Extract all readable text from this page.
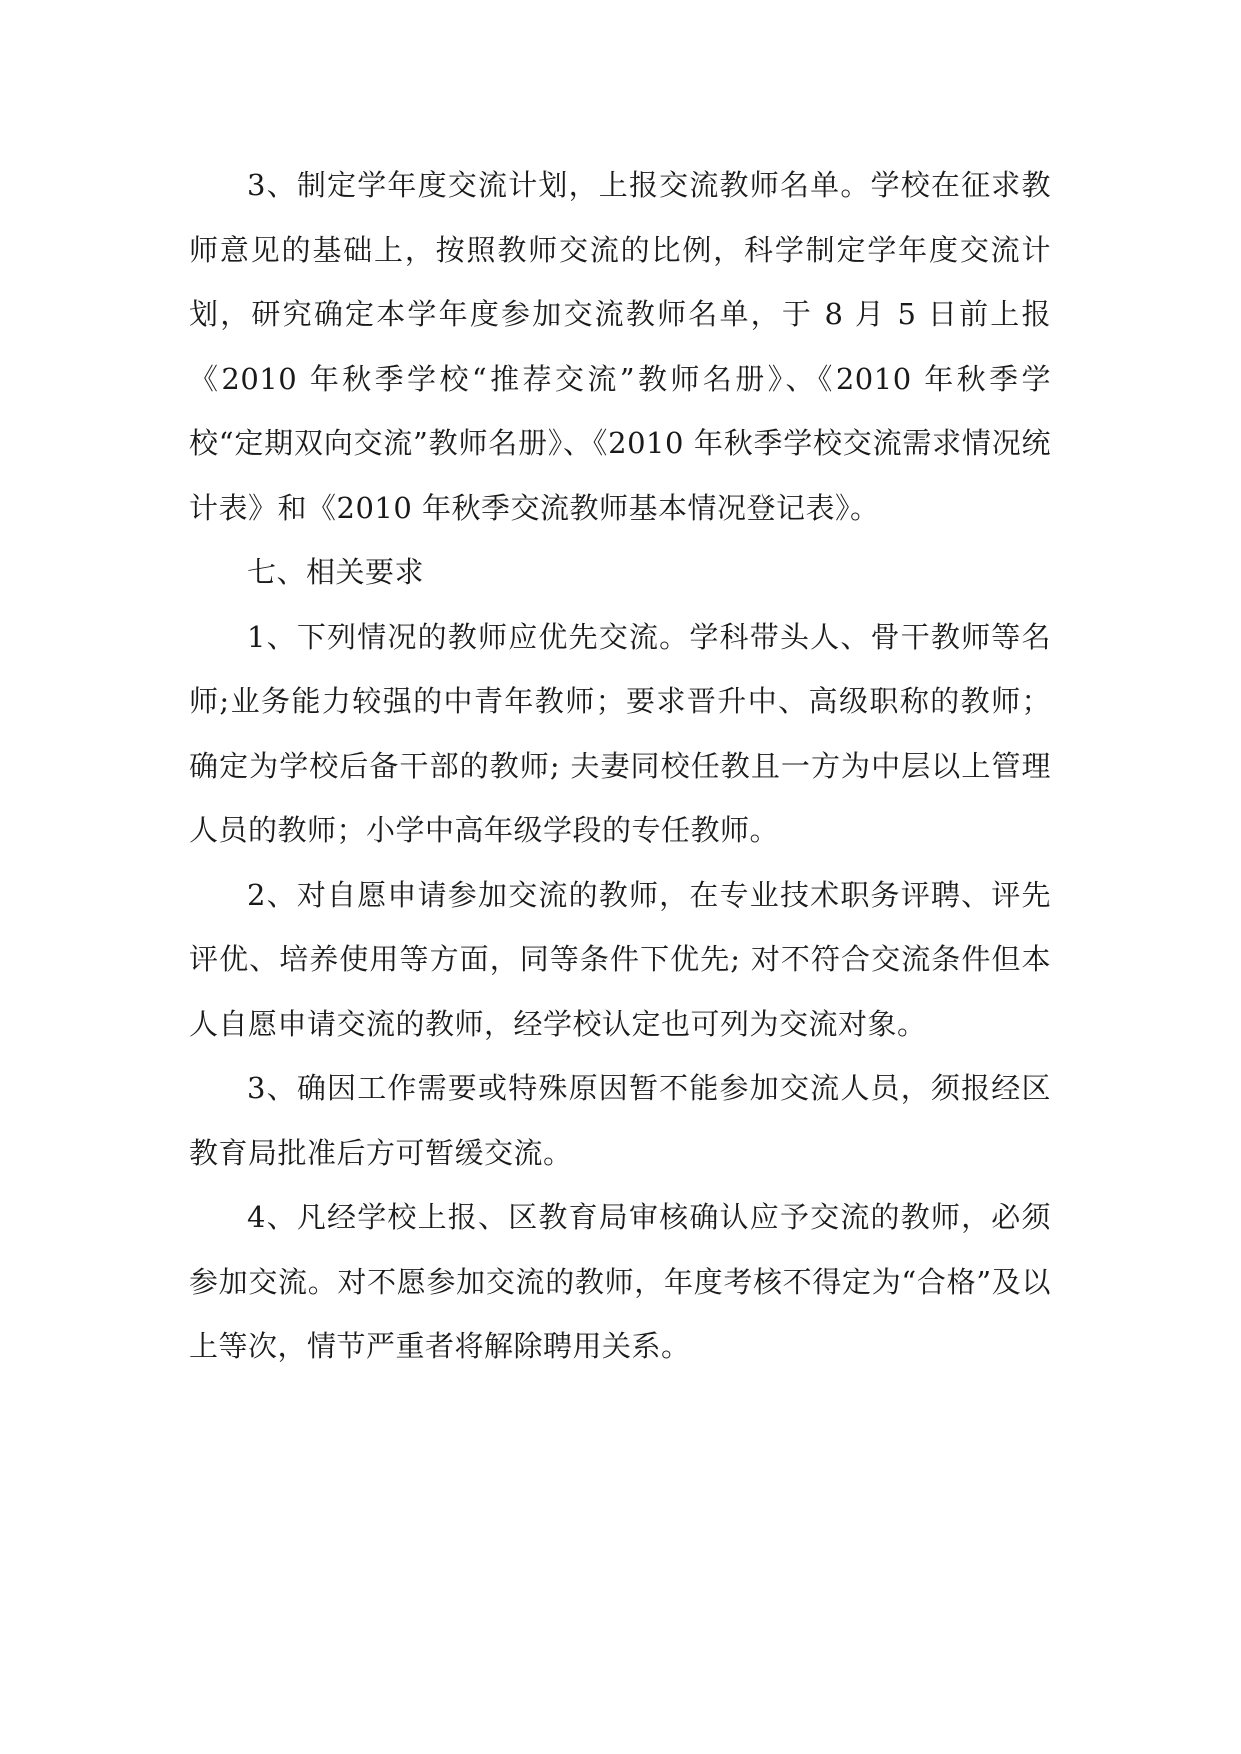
3、制定学年度交流计划，上报交流教师名单。学校在征求教师意见的基础上，按照教师交流的比例，科学制定学年度交流计划，研究确定本学年度参加交流教师名单，于 8 月 5 日前上报《2010 年秋季学校“推荐交流”教师名册》、《2010 年秋季学校“定期双向交流”教师名册》、《2010 年秋季学校交流需求情况统计表》和《2010 年秋季交流教师基本情况登记表》。

七、相关要求

1、下列情况的教师应优先交流。学科带头人、骨干教师等名师;业务能力较强的中青年教师；要求晋升中、高级职称的教师；确定为学校后备干部的教师; 夫妻同校任教且一方为中层以上管理人员的教师；小学中高年级学段的专任教师。

2、对自愿申请参加交流的教师，在专业技术职务评聘、评先评优、培养使用等方面，同等条件下优先; 对不符合交流条件但本人自愿申请交流的教师，经学校认定也可列为交流对象。

3、确因工作需要或特殊原因暂不能参加交流人员，须报经区教育局批准后方可暂缓交流。

4、凡经学校上报、区教育局审核确认应予交流的教师，必须参加交流。对不愿参加交流的教师，年度考核不得定为“合格”及以上等次，情节严重者将解除聘用关系。
